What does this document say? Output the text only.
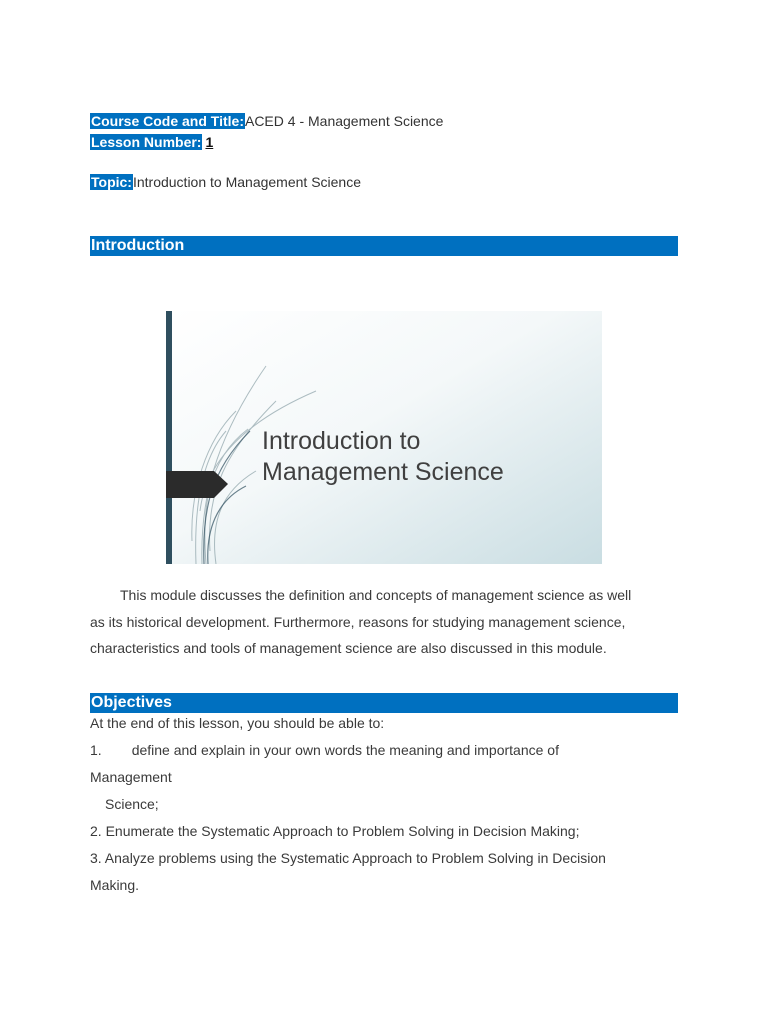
Course Code and Title:ACED 4 - Management Science
Lesson Number: 1
Topic:Introduction to Management Science
Introduction
Introduction to
Management Science
This module discusses the definition and concepts of management science as well
as its historical development. Furthermore, reasons for studying management science,
characteristics and tools of management science are also discussed in this module.
Objectives
At the end of this lesson, you should be able to:
1. define and explain in your own words the meaning and importance of
Management
Science;
2. Enumerate the Systematic Approach to Problem Solving in Decision Making;
3. Analyze problems using the Systematic Approach to Problem Solving in Decision
Making.
